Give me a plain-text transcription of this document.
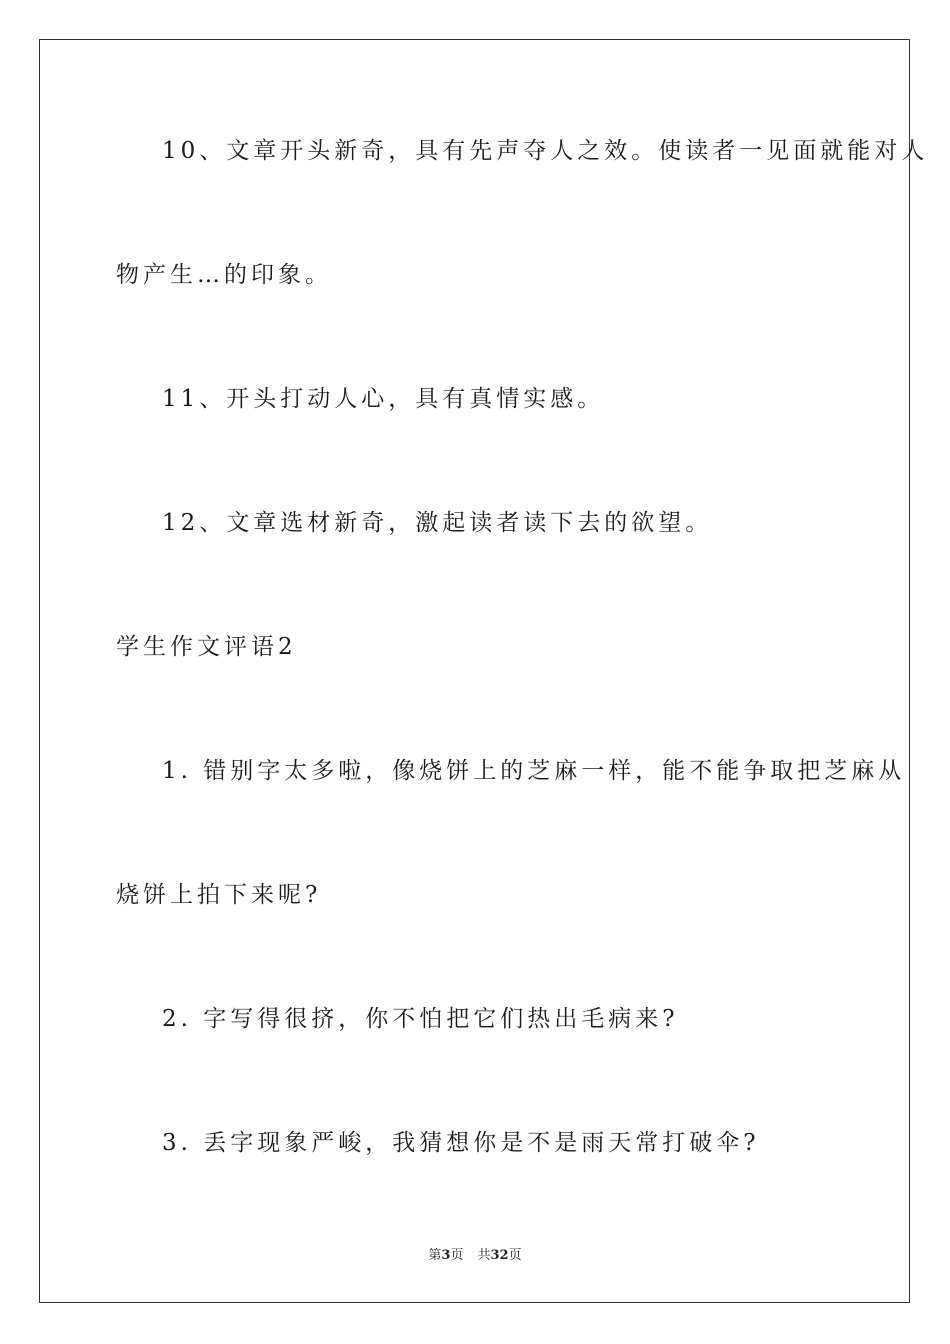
10、文章开头新奇，具有先声夺人之效。使读者一见面就能对人

物产生…的印象。

11、开头打动人心，具有真情实感。

12、文章选材新奇，激起读者读下去的欲望。

学生作文评语2

1. 错别字太多啦，像烧饼上的芝麻一样，能不能争取把芝麻从

烧饼上拍下来呢?

2. 字写得很挤，你不怕把它们热出毛病来?

3. 丢字现象严峻，我猜想你是不是雨天常打破伞?

第3页 共32页
